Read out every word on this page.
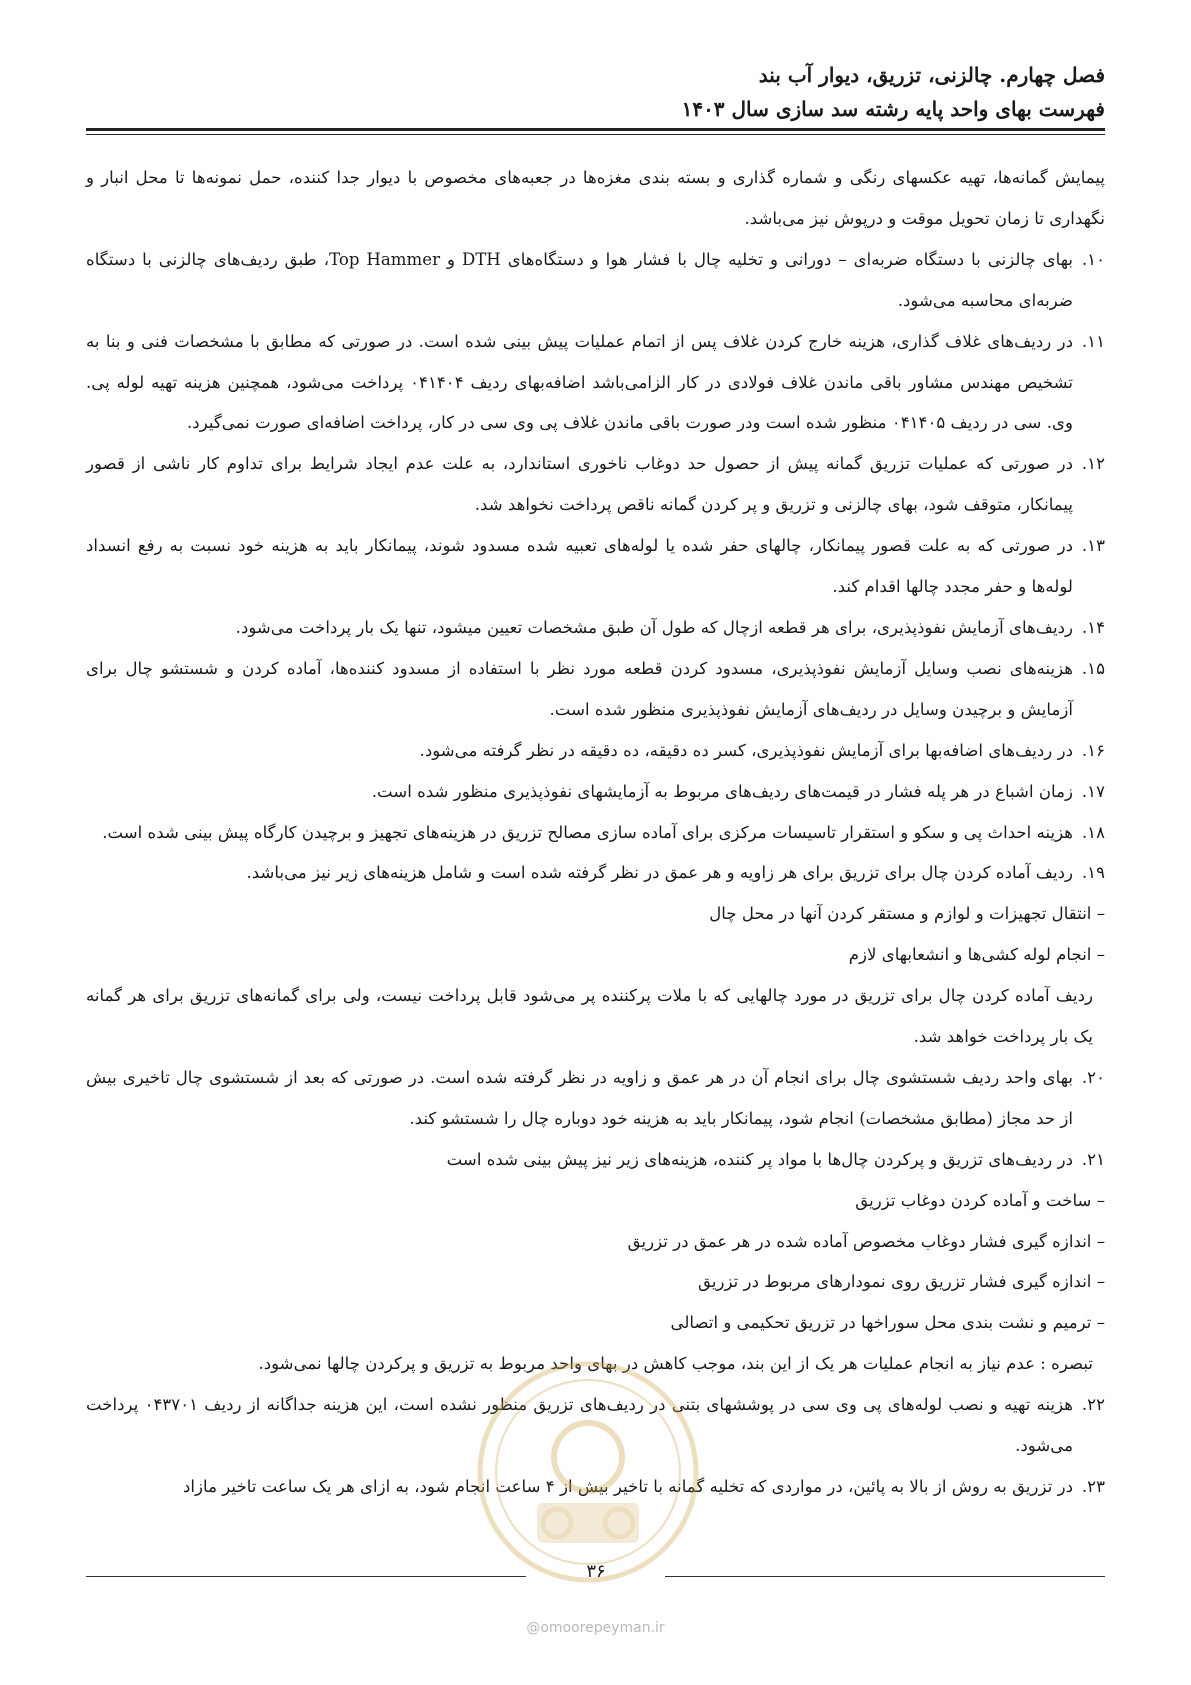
فصل چهارم. چالزنی، تزریق، دیوار آب بند
فهرست بهای واحد پایه رشته سد سازی سال ۱۴۰۳
پیمایش گمانه‌ها، تهیه عکسهای رنگی و شماره گذاری و بسته بندی مغزه‌ها در جعبه‌های مخصوص با دیوار جدا کننده، حمل نمونه‌ها تا محل انبار و نگهداری تا زمان تحویل موقت و درپوش نیز می‌باشد.
۱۰.
بهای چالزنی با دستگاه ضربه‌ای – دورانی و تخلیه چال با فشار هوا و دستگاه‌های DTH و Top Hammer، طبق ردیف‌های چالزنی با دستگاه ضربه‌ای محاسبه می‌شود.
۱۱.
در ردیف‌های غلاف گذاری، هزینه خارج کردن غلاف پس از اتمام عملیات پیش بینی شده است. در صورتی که مطابق با مشخصات فنی و بنا به تشخیص مهندس مشاور باقی ماندن غلاف فولادی در کار الزامی‌باشد اضافه‌بهای ردیف ۰۴۱۴۰۴ پرداخت می‌شود، همچنین هزینه تهیه لوله پی. وی. سی در ردیف ۰۴۱۴۰۵ منظور شده است ودر صورت باقی ماندن غلاف پی وی سی در کار، پرداخت اضافه‌ای صورت نمی‌گیرد.
۱۲.
در صورتی که عملیات تزریق گمانه پیش از حصول حد دوغاب ناخوری استاندارد، به علت عدم ایجاد شرایط برای تداوم کار ناشی از قصور پیمانکار، متوقف شود، بهای چالزنی و تزریق و پر کردن گمانه ناقص پرداخت نخواهد شد.
۱۳.
در صورتی که به علت قصور پیمانکار، چالهای حفر شده یا لوله‌های تعبیه شده مسدود شوند، پیمانکار باید به هزینه خود نسبت به رفع انسداد لوله‌ها و حفر مجدد چالها اقدام کند.
۱۴.
ردیف‌های آزمایش نفوذپذیری، برای هر قطعه ازچال که طول آن طبق مشخصات تعیین میشود، تنها یک بار پرداخت می‌شود.
۱۵.
هزینه‌های نصب وسایل آزمایش نفوذپذیری، مسدود کردن قطعه مورد نظر با استفاده از مسدود کننده‌ها، آماده کردن و شستشو چال برای آزمایش و برچیدن وسایل در ردیف‌های آزمایش نفوذپذیری منظور شده است.
۱۶.
در ردیف‌های اضافه‌بها برای آزمایش نفوذپذیری، کسر ده دقیقه، ده دقیقه در نظر گرفته می‌شود.
۱۷.
زمان اشباع در هر پله فشار در قیمت‌های ردیف‌های مربوط به آزمایشهای نفوذپذیری منظور شده است.
۱۸.
هزینه احداث پی و سکو و استقرار تاسیسات مرکزی برای آماده سازی مصالح تزریق در هزینه‌های تجهیز و برچیدن کارگاه پیش بینی شده است.
۱۹.
ردیف آماده کردن چال برای تزریق برای هر زاویه و هر عمق در نظر گرفته شده است و شامل هزینه‌های زیر نیز می‌باشد.
– انتقال تجهیزات و لوازم و مستقر کردن آنها در محل چال
– انجام لوله کشی‌ها و انشعابهای لازم
ردیف آماده کردن چال برای تزریق در مورد چالهایی که با ملات پرکننده پر می‌شود قابل پرداخت نیست، ولی برای گمانه‌های تزریق برای هر گمانه یک بار پرداخت خواهد شد.
۲۰.
بهای واحد ردیف شستشوی چال برای انجام آن در هر عمق و زاویه در نظر گرفته شده است. در صورتی که بعد از شستشوی چال تاخیری بیش از حد مجاز (مطابق مشخصات) انجام شود، پیمانکار باید به هزینه خود دوباره چال را شستشو کند.
۲۱.
در ردیف‌های تزریق و پرکردن چال‌ها با مواد پر کننده، هزینه‌های زیر نیز پیش بینی شده است
– ساخت و آماده کردن دوغاب تزریق
– اندازه گیری فشار دوغاب مخصوص آماده شده در هر عمق در تزریق
– اندازه گیری فشار تزریق روی نمودارهای مربوط در تزریق
– ترمیم و نشت بندی محل سوراخها در تزریق تحکیمی و اتصالی
تبصره : عدم نیاز به انجام عملیات هر یک از این بند، موجب کاهش در بهای واحد مربوط به تزریق و پرکردن چالها نمی‌شود.
۲۲.
هزینه تهیه و نصب لوله‌های پی وی سی در پوششهای بتنی در ردیف‌های تزریق منظور نشده است، این هزینه جداگانه از ردیف ۰۴۳۷۰۱ پرداخت می‌شود.
۲۳.
در تزریق به روش از بالا به پائین، در مواردی که تخلیه گمانه با تاخیر بیش از ۴ ساعت انجام شود، به ازای هر یک ساعت تاخیر مازاد
۳۶
@omoorepeyman.ir
